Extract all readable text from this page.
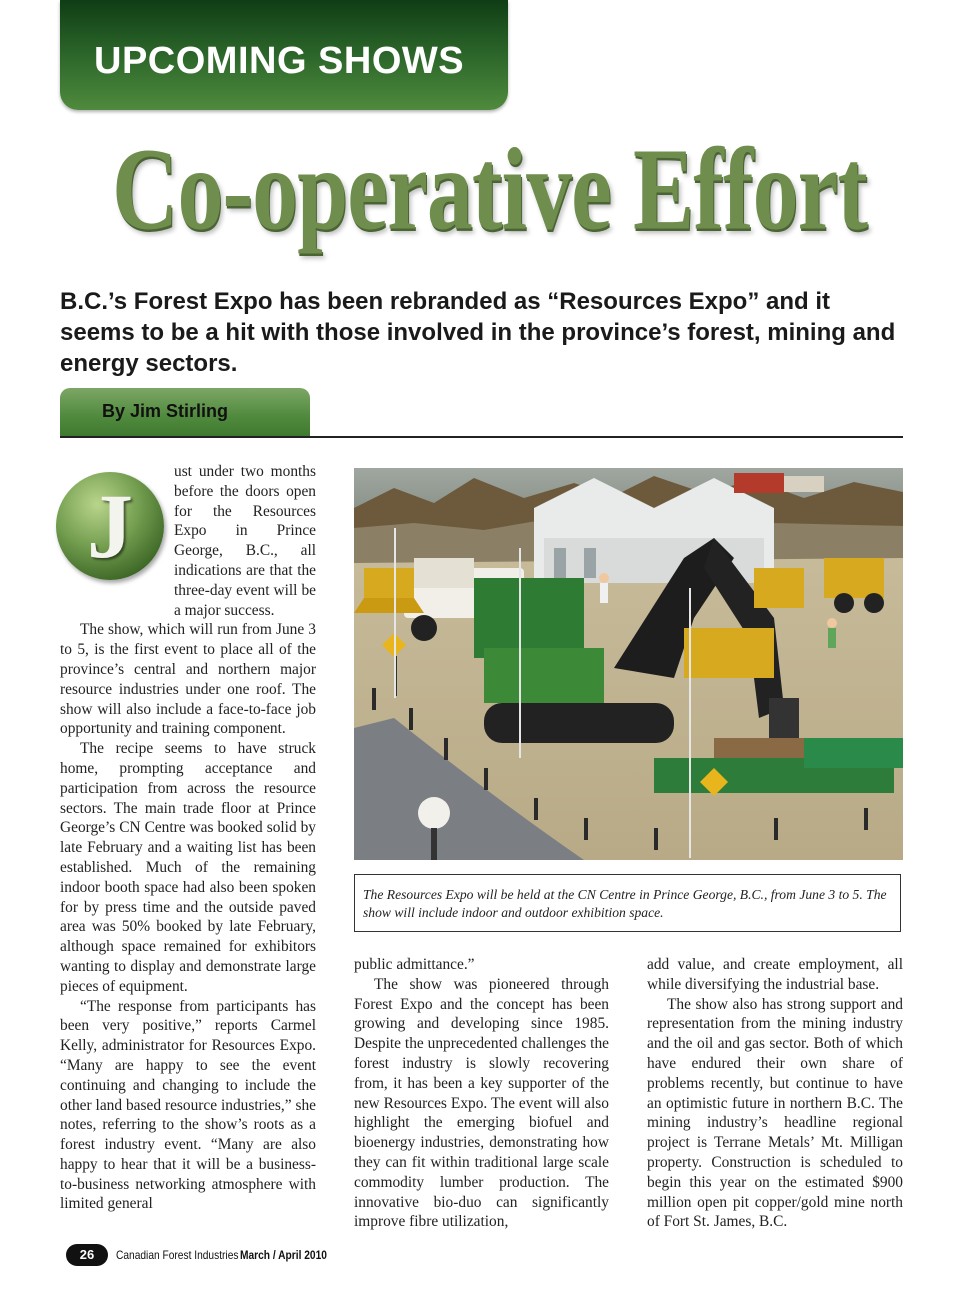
UPCOMING SHOWS
Co-operative Effort

B.C.’s Forest Expo has been rebranded as “Resources Expo” and it seems to be a hit with those involved in the province’s forest, mining and energy sectors.

By Jim Stirling
J

ust under two months before the doors open for the Resources Expo in Prince George, B.C., all indications are that the three-day event will be a major success.

The show, which will run from June 3 to 5, is the first event to place all of the province’s central and northern major resource industries under one roof. The show will also include a face-to-face job opportunity and training component.

The recipe seems to have struck home, prompting acceptance and participation from across the resource sectors. The main trade floor at Prince George’s CN Centre was booked solid by late February and a waiting list has been established. Much of the remaining indoor booth space had also been spoken for by press time and the outside paved area was 50% booked by late February, although space remained for exhibitors wanting to display and demonstrate large pieces of equipment.

“The response from participants has been very positive,” reports Carmel Kelly, administrator for Resources Expo. “Many are happy to see the event continuing and changing to include the other land based resource industries,” she notes, referring to the show’s roots as a forest industry event. “Many are also happy to hear that it will be a business-to-business networking atmosphere with limited general

The Resources Expo will be held at the CN Centre in Prince George, B.C., from June 3 to 5. The show will include indoor and outdoor exhibition space.

public admittance.”

The show was pioneered through Forest Expo and the concept has been growing and developing since 1985. Despite the unprecedented challenges the forest industry is slowly recovering from, it has been a key supporter of the new Resources Expo. The event will also highlight the emerging biofuel and bioenergy industries, demonstrating how they can fit within traditional large scale commodity lumber production. The innovative bio-duo can significantly improve fibre utilization,

add value, and create employment, all while diversifying the industrial base.

The show also has strong support and representation from the mining industry and the oil and gas sector. Both of which have endured their own share of problems recently, but continue to have an optimistic future in northern B.C. The mining industry’s headline regional project is Terrane Metals’ Mt. Milligan property. Construction is scheduled to begin this year on the estimated $900 million open pit copper/gold mine north of Fort St. James, B.C.

26	Canadian Forest Industries March / April 2010
